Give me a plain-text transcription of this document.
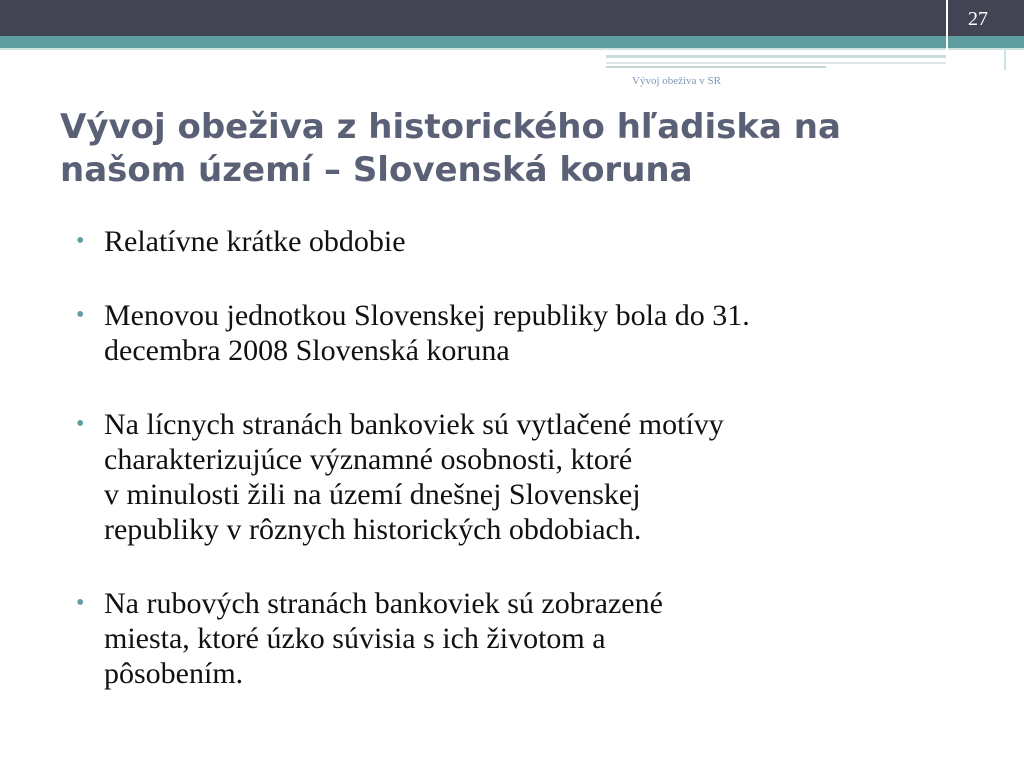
27
Vývoj obeživa v SR
Vývoj obeživa z historického hľadiska na
našom území – Slovenská koruna
• Relatívne krátke obdobie
• Menovou jednotkou Slovenskej republiky bola do 31.
decembra 2008 Slovenská koruna
• Na lícnych stranách bankoviek sú vytlačené motívy
charakterizujúce významné osobnosti, ktoré
v minulosti žili na území dnešnej Slovenskej
republiky v rôznych historických obdobiach.
• Na rubových stranách bankoviek sú zobrazené
miesta, ktoré úzko súvisia s ich životom a
pôsobením.
